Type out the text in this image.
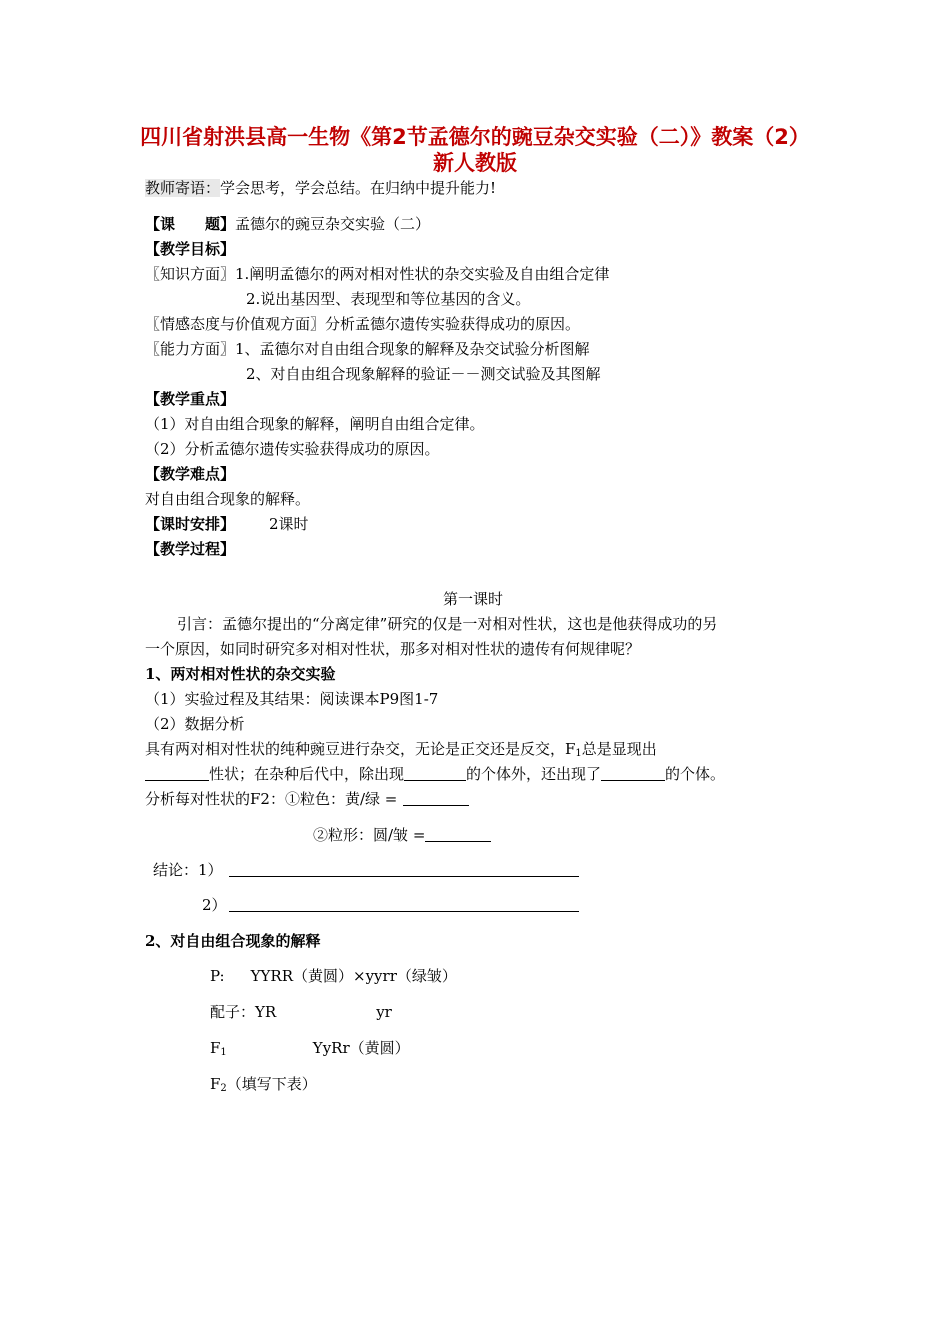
四川省射洪县高一生物《第2节孟德尔的豌豆杂交实验（二）》教案（2）新人教版
教师寄语：学会思考，学会总结。在归纳中提升能力!
【课　　题】孟德尔的豌豆杂交实验（二）
【教学目标】
〖知识方面〗1.阐明孟德尔的两对相对性状的杂交实验及自由组合定律
2.说出基因型、表现型和等位基因的含义。
〖情感态度与价值观方面〗分析孟德尔遗传实验获得成功的原因。
〖能力方面〗1、孟德尔对自由组合现象的解释及杂交试验分析图解
2、对自由组合现象解释的验证－－测交试验及其图解
【教学重点】
（1）对自由组合现象的解释，阐明自由组合定律。
（2）分析孟德尔遗传实验获得成功的原因。
【教学难点】
对自由组合现象的解释。
【课时安排】 2课时
【教学过程】
第一课时
引言：孟德尔提出的“分离定律”研究的仅是一对相对性状，这也是他获得成功的另
一个原因，如同时研究多对相对性状，那多对相对性状的遗传有何规律呢？
1、两对相对性状的杂交实验
（1）实验过程及其结果：阅读课本P9图1-7
（2）数据分析
具有两对相对性状的纯种豌豆进行杂交，无论是正交还是反交，$F_1$总是显现出
性状；在杂种后代中，除出现	的个体外，还出现了	的个体。
分析每对性状的F2：①粒色：黄/绿 =
②粒形：圆/皱 =
结论：1）
2）
2、对自由组合现象的解释
P: YYRR（黄圆）×yyrr（绿皱）
配子：YR	yr
$F_1$	YyRr（黄圆）
$F_2$（填写下表）
